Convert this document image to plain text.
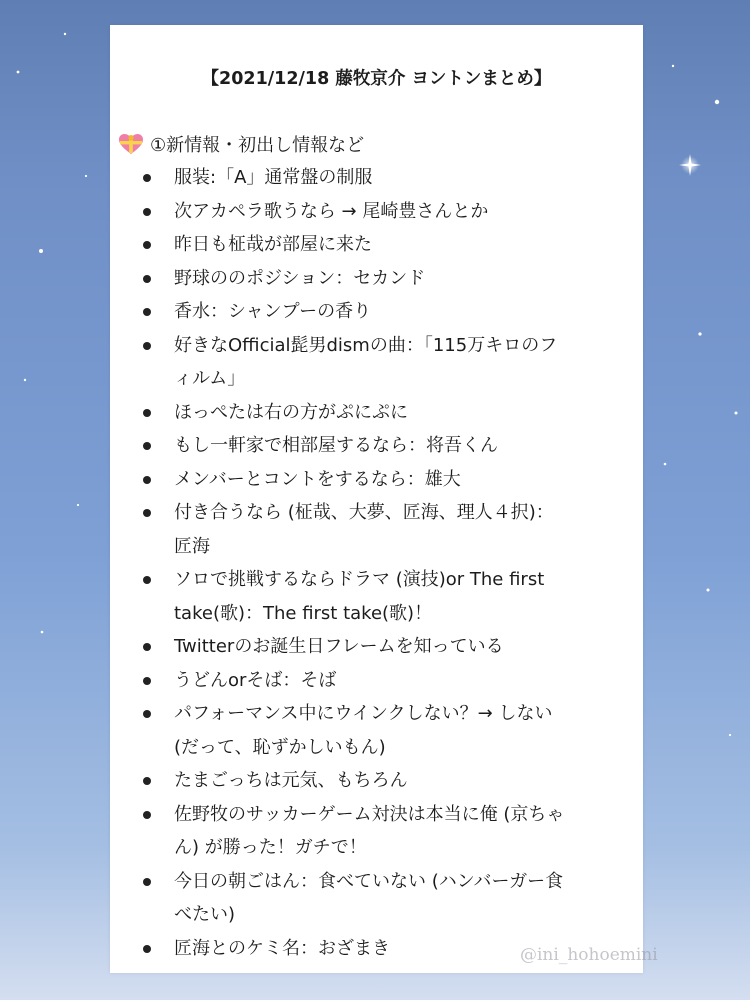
【2021/12/18 藤牧京介 ヨントンまとめ】
①新情報・初出し情報など
服装:「A」通常盤の制服
次アカペラ歌うなら → 尾崎豊さんとか
昨日も柾哉が部屋に来た
野球ののポジション：セカンド
香水：シャンプーの香り
好きなOfficial髭男dismの曲：「115万キロのフ
ィルム」
ほっぺたは右の方がぷにぷに
もし一軒家で相部屋するなら：将吾くん
メンバーとコントをするなら：雄大
付き合うなら (柾哉、大夢、匠海、理人４択)：
匠海
ソロで挑戦するならドラマ (演技)or The first
take(歌)：The first take(歌)！
Twitterのお誕生日フレームを知っている
うどんorそば：そば
パフォーマンス中にウインクしない？→ しない
(だって、恥ずかしいもん)
たまごっちは元気、もちろん
佐野牧のサッカーゲーム対決は本当に俺 (京ちゃ
ん) が勝った！ガチで！
今日の朝ごはん：食べていない (ハンバーガー食
べたい)
匠海とのケミ名：おざまき	@ini_hohoemini
